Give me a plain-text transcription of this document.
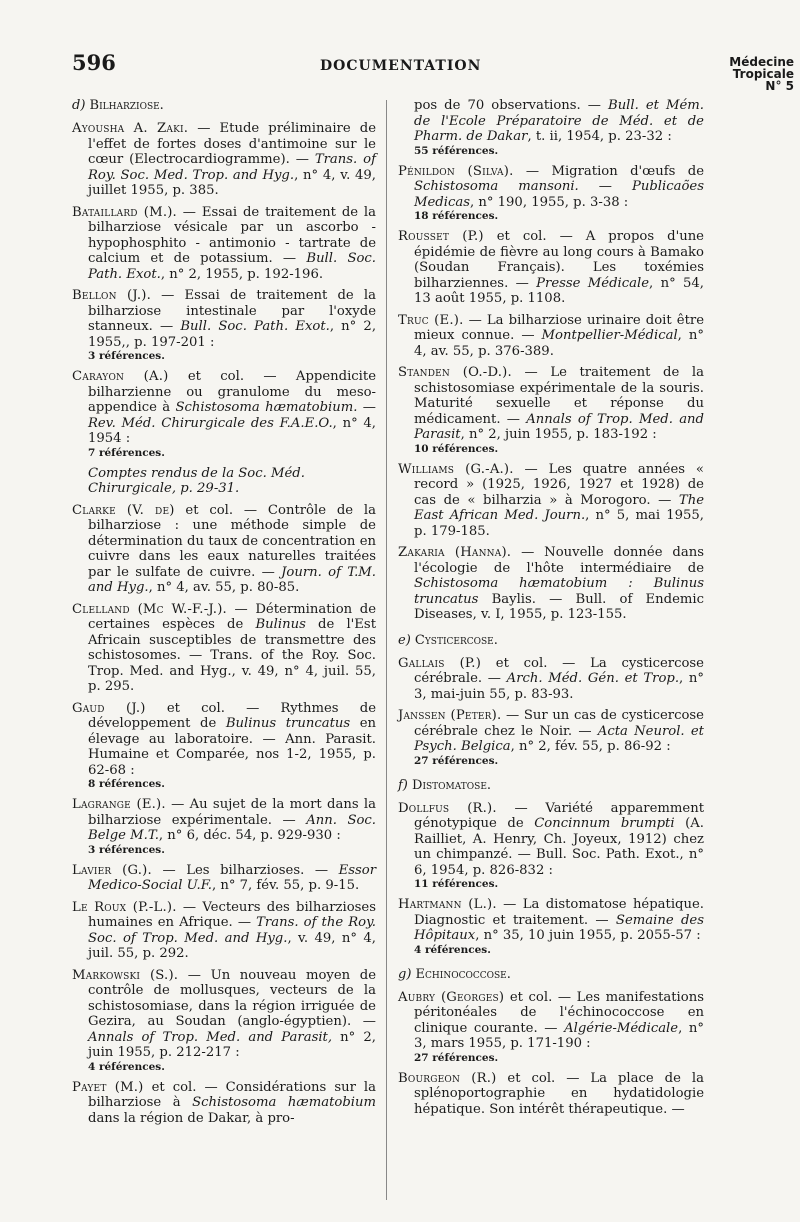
596	DOCUMENTATION	Médecine
Tropicale
N° 5
d) Bilharziose.
Ayousha A. Zaki. — Etude préliminaire de l'effet de fortes doses d'antimoine sur le cœur (Electrocardiogramme). — Trans. of Roy. Soc. Med. Trop. and Hyg., n° 4, v. 49, juillet 1955, p. 385.
Bataillard (M.). — Essai de traitement de la bilharziose vésicale par un ascorbo - hypophosphito - antimonio - tartrate de calcium et de potassium. — Bull. Soc. Path. Exot., n° 2, 1955, p. 192-196.
Bellon (J.). — Essai de traitement de la bilharziose intestinale par l'oxyde stanneux. — Bull. Soc. Path. Exot., n° 2, 1955,, p. 197-201 :
3 références.
Carayon (A.) et col. — Appendicite bilharzienne ou granulome du meso-appendice à Schistosoma hæmatobium. — Rev. Méd. Chirurgicale des F.A.E.O., n° 4, 1954 :
7 références.
Comptes rendus de la Soc. Méd. Chirurgicale, p. 29-31.
Clarke (V. de) et col. — Contrôle de la bilharziose : une méthode simple de détermination du taux de concentration en cuivre dans les eaux naturelles traitées par le sulfate de cuivre. — Journ. of T.M. and Hyg., n° 4, av. 55, p. 80-85.
Clelland (Mc W.-F.-J.). — Détermination de certaines espèces de Bulinus de l'Est Africain susceptibles de transmettre des schistosomes. — Trans. of the Roy. Soc. Trop. Med. and Hyg., v. 49, n° 4, juil. 55, p. 295.
Gaud (J.) et col. — Rythmes de développement de Bulinus truncatus en élevage au laboratoire. — Ann. Parasit. Humaine et Comparée, nos 1-2, 1955, p. 62-68 :
8 références.
Lagrange (E.). — Au sujet de la mort dans la bilharziose expérimentale. — Ann. Soc. Belge M.T., n° 6, déc. 54, p. 929-930 :
3 références.
Lavier (G.). — Les bilharzioses. — Essor Medico-Social U.F., n° 7, fév. 55, p. 9-15.
Le Roux (P.-L.). — Vecteurs des bilharzioses humaines en Afrique. — Trans. of the Roy. Soc. of Trop. Med. and Hyg., v. 49, n° 4, juil. 55, p. 292.
Markowski (S.). — Un nouveau moyen de contrôle de mollusques, vecteurs de la schistosomiase, dans la région irriguée de Gezira, au Soudan (anglo-égyptien). — Annals of Trop. Med. and Parasit, n° 2, juin 1955, p. 212-217 :
4 références.
Payet (M.) et col. — Considérations sur la bilharziose à Schistosoma hæmatobium dans la région de Dakar, à pro-
pos de 70 observations. — Bull. et Mém. de l'Ecole Préparatoire de Méd. et de Pharm. de Dakar, t. ii, 1954, p. 23-32 :
55 références.
Pénildon (Silva). — Migration d'œufs de Schistosoma mansoni. — Publicaões Medicas, n° 190, 1955, p. 3-38 :
18 références.
Rousset (P.) et col. — A propos d'une épidémie de fièvre au long cours à Bamako (Soudan Français). Les toxémies bilharziennes. — Presse Médicale, n° 54, 13 août 1955, p. 1108.
Truc (E.). — La bilharziose urinaire doit être mieux connue. — Montpellier-Médical, n° 4, av. 55, p. 376-389.
Standen (O.-D.). — Le traitement de la schistosomiase expérimentale de la souris. Maturité sexuelle et réponse du médicament. — Annals of Trop. Med. and Parasit, n° 2, juin 1955, p. 183-192 :
10 références.
Williams (G.-A.). — Les quatre années « record » (1925, 1926, 1927 et 1928) de cas de « bilharzia » à Morogoro. — The East African Med. Journ., n° 5, mai 1955, p. 179-185.
Zakaria (Hanna). — Nouvelle donnée dans l'écologie de l'hôte intermédiaire de Schistosoma hæmatobium : Bulinus truncatus Baylis. — Bull. of Endemic Diseases, v. I, 1955, p. 123-155.
e) Cysticercose.
Gallais (P.) et col. — La cysticercose cérébrale. — Arch. Méd. Gén. et Trop., n° 3, mai-juin 55, p. 83-93.
Janssen (Peter). — Sur un cas de cysticercose cérébrale chez le Noir. — Acta Neurol. et Psych. Belgica, n° 2, fév. 55, p. 86-92 :
27 références.
f) Distomatose.
Dollfus (R.). — Variété apparemment génotypique de Concinnum brumpti (A. Railliet, A. Henry, Ch. Joyeux, 1912) chez un chimpanzé. — Bull. Soc. Path. Exot., n° 6, 1954, p. 826-832 :
11 références.
Hartmann (L.). — La distomatose hépatique. Diagnostic et traitement. — Semaine des Hôpitaux, n° 35, 10 juin 1955, p. 2055-57 :
4 références.
g) Echinococcose.
Aubry (Georges) et col. — Les manifestations péritonéales de l'échinococcose en clinique courante. — Algérie-Médicale, n° 3, mars 1955, p. 171-190 :
27 références.
Bourgeon (R.) et col. — La place de la splénoportographie en hydatidologie hépatique. Son intérêt thérapeutique. —
